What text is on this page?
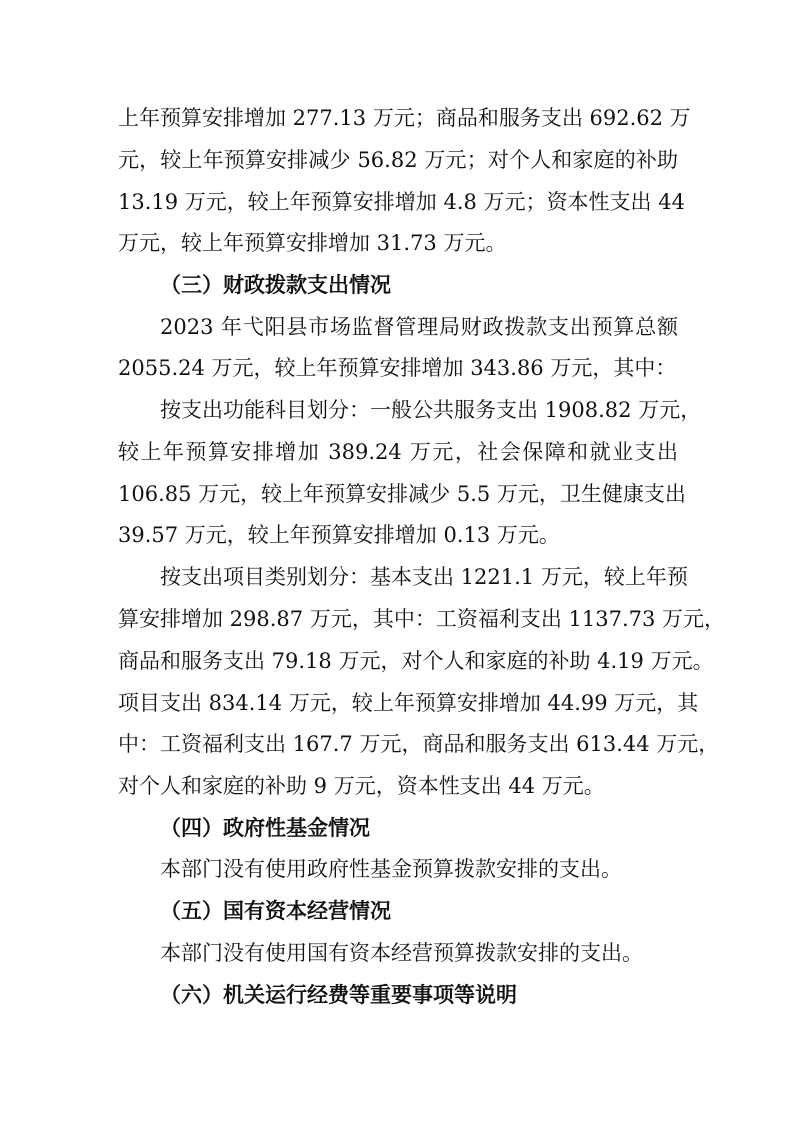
上年预算安排增加 277.13 万元；商品和服务支出 692.62 万
元，较上年预算安排减少 56.82 万元；对个人和家庭的补助
13.19 万元，较上年预算安排增加 4.8 万元；资本性支出 44
万元，较上年预算安排增加 31.73 万元。
（三）财政拨款支出情况
2023 年弋阳县市场监督管理局财政拨款支出预算总额
2055.24 万元，较上年预算安排增加 343.86 万元，其中：
按支出功能科目划分：一般公共服务支出 1908.82 万元，
较上年预算安排增加 389.24 万元，社会保障和就业支出
106.85 万元，较上年预算安排减少 5.5 万元，卫生健康支出
39.57 万元，较上年预算安排增加 0.13 万元。
按支出项目类别划分：基本支出 1221.1 万元，较上年预
算安排增加 298.87 万元，其中：工资福利支出 1137.73 万元，
商品和服务支出 79.18 万元，对个人和家庭的补助 4.19 万元。
项目支出 834.14 万元，较上年预算安排增加 44.99 万元，其
中：工资福利支出 167.7 万元，商品和服务支出 613.44 万元，
对个人和家庭的补助 9 万元，资本性支出 44 万元。
（四）政府性基金情况
本部门没有使用政府性基金预算拨款安排的支出。
（五）国有资本经营情况
本部门没有使用国有资本经营预算拨款安排的支出。
（六）机关运行经费等重要事项等说明
